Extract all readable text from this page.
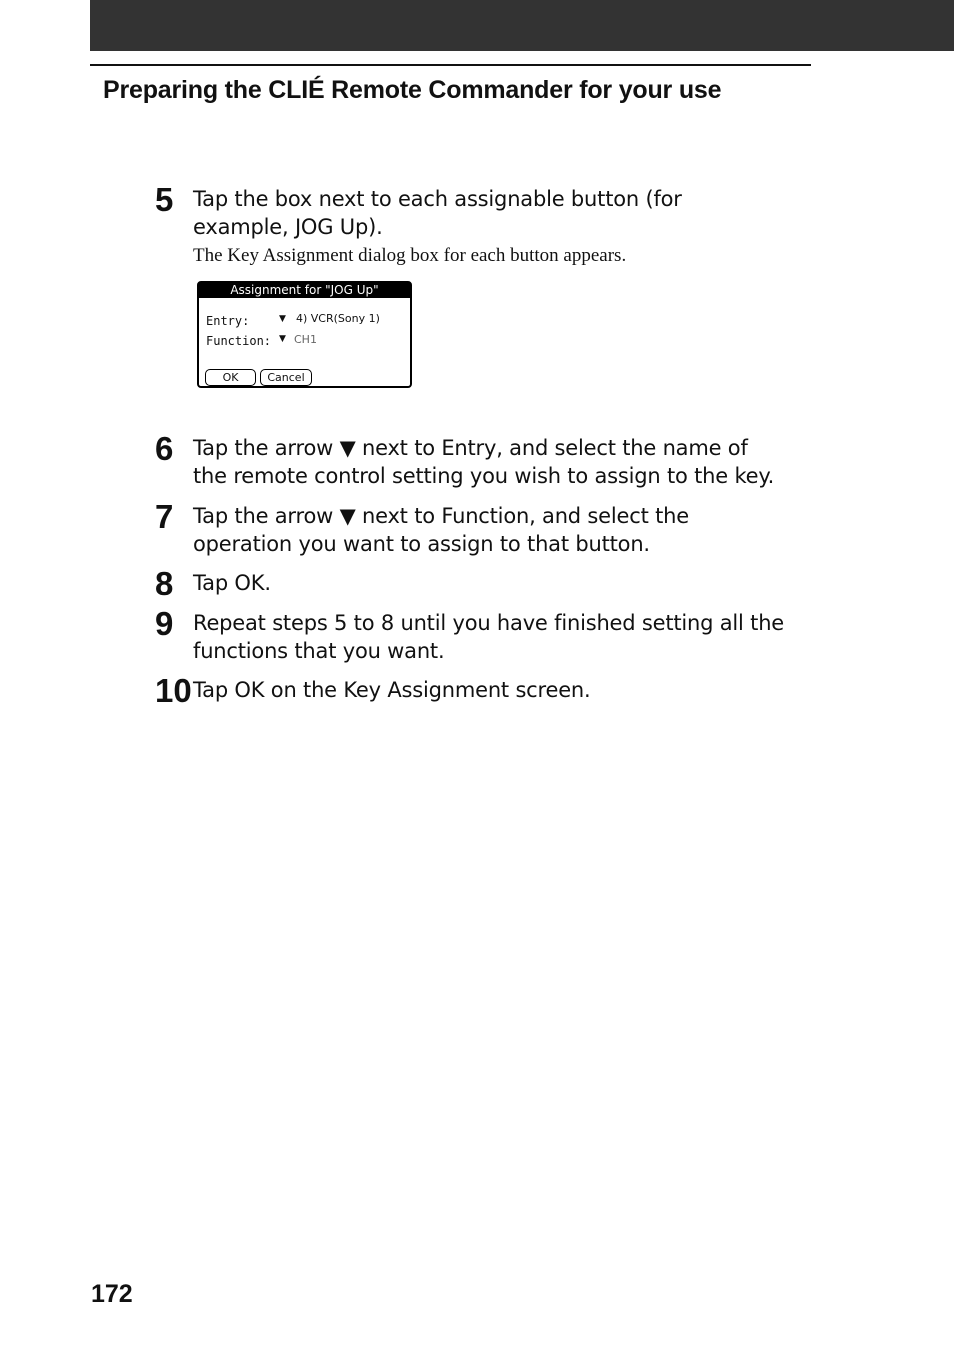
Preparing the CLIÉ Remote Commander for your use
5 Tap the box next to each assignable button (for
example, JOG Up).
The Key Assignment dialog box for each button appears.
Assignment for "JOG Up"
Entry:	▼ 4) VCR(Sony 1)
Function: ▼ CH1
OK	Cancel
6 Tap the arrow ▼ next to Entry, and select the name of
the remote control setting you wish to assign to the key.
7 Tap the arrow ▼ next to Function, and select the
operation you want to assign to that button.
8 Tap OK.
9 Repeat steps 5 to 8 until you have finished setting all the
functions that you want.
10 Tap OK on the Key Assignment screen.
172
